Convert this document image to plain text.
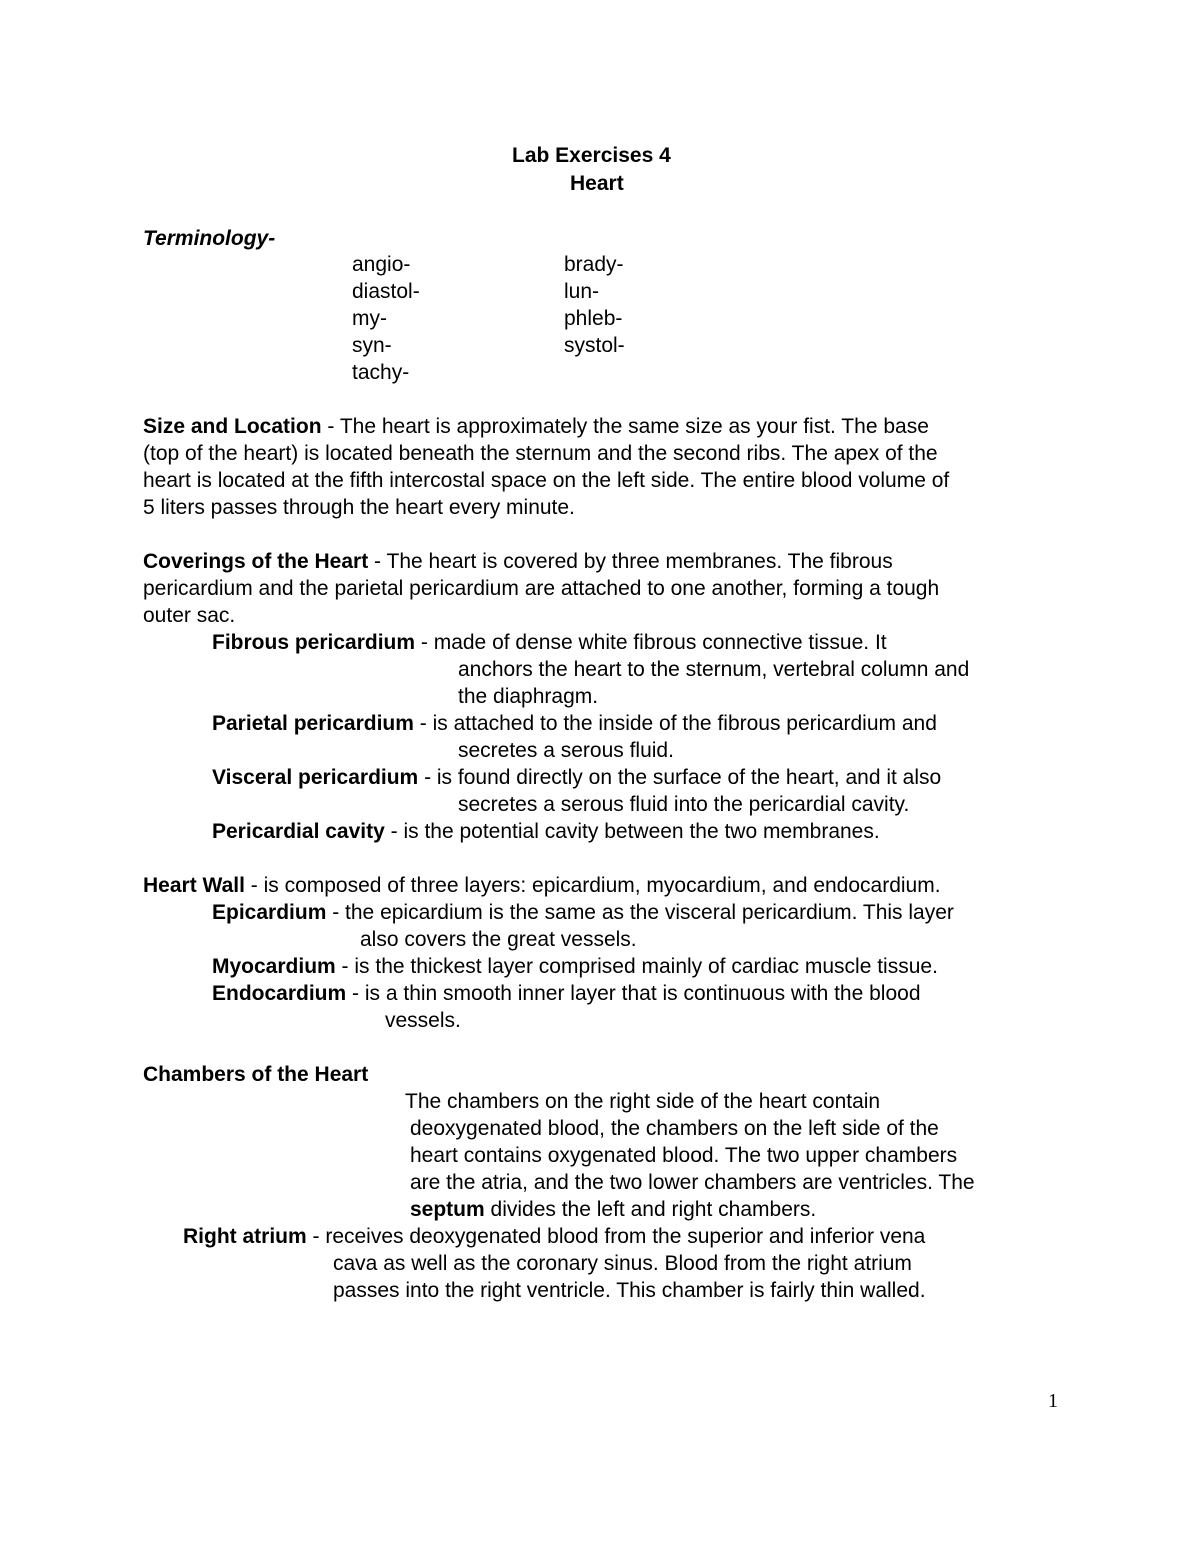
Lab Exercises 4
Heart
Terminology-
angio-
diastol-
my-
syn-
tachy-
brady-
lun-
phleb-
systol-
Size and Location - The heart is approximately the same size as your fist. The base
(top of the heart) is located beneath the sternum and the second ribs. The apex of the
heart is located at the fifth intercostal space on the left side. The entire blood volume of
5 liters passes through the heart every minute.
Coverings of the Heart - The heart is covered by three membranes. The fibrous
pericardium and the parietal pericardium are attached to one another, forming a tough
outer sac.
Fibrous pericardium - made of dense white fibrous connective tissue. It
anchors the heart to the sternum, vertebral column and
the diaphragm.
Parietal pericardium - is attached to the inside of the fibrous pericardium and
secretes a serous fluid.
Visceral pericardium - is found directly on the surface of the heart, and it also
secretes a serous fluid into the pericardial cavity.
Pericardial cavity - is the potential cavity between the two membranes.
Heart Wall - is composed of three layers: epicardium, myocardium, and endocardium.
Epicardium - the epicardium is the same as the visceral pericardium. This layer
also covers the great vessels.
Myocardium - is the thickest layer comprised mainly of cardiac muscle tissue.
Endocardium - is a thin smooth inner layer that is continuous with the blood
vessels.
Chambers of the Heart
The chambers on the right side of the heart contain
deoxygenated blood, the chambers on the left side of the
heart contains oxygenated blood. The two upper chambers
are the atria, and the two lower chambers are ventricles. The
septum divides the left and right chambers.
Right atrium - receives deoxygenated blood from the superior and inferior vena
cava as well as the coronary sinus. Blood from the right atrium
passes into the right ventricle. This chamber is fairly thin walled.
1
